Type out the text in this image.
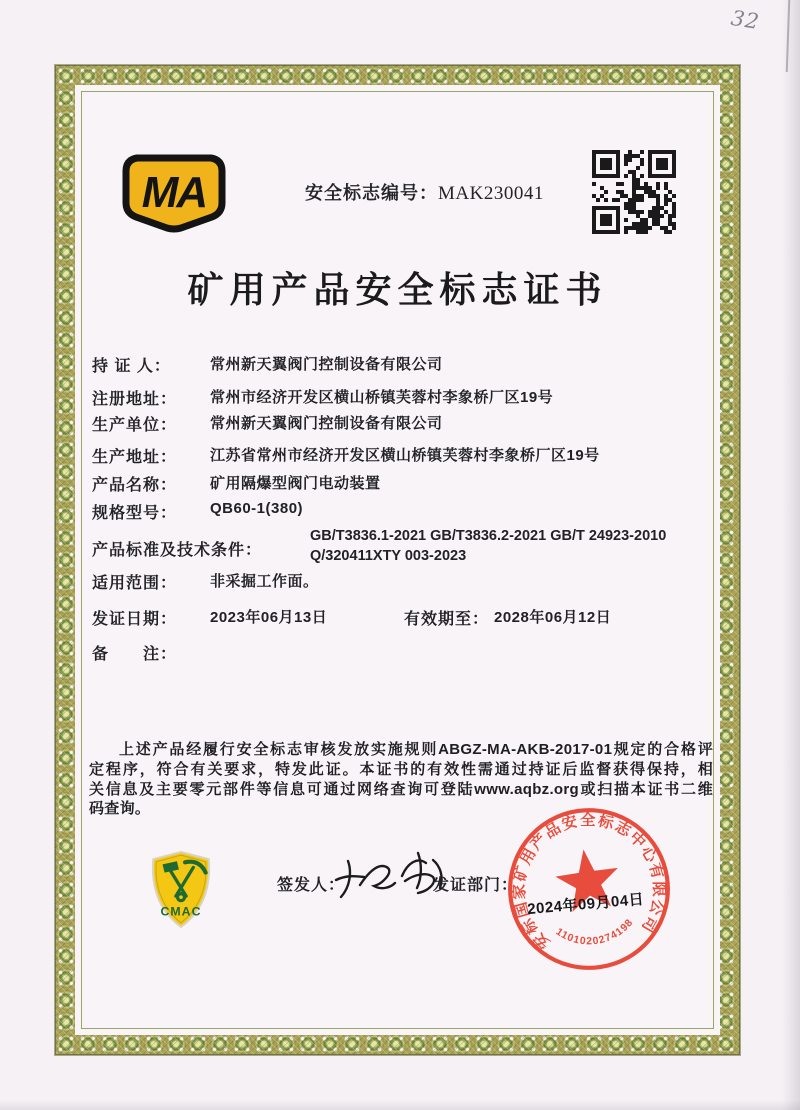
32
MA	安全标志编号：MAK230041
矿用产品安全标志证书
持 证 人：	常州新天翼阀门控制设备有限公司
注册地址： 常州市经济开发区横山桥镇芙蓉村李象桥厂区19号
生产单位： 常州新天翼阀门控制设备有限公司
生产地址： 江苏省常州市经济开发区横山桥镇芙蓉村李象桥厂区19号
产品名称： 矿用隔爆型阀门电动装置
规格型号： QB60-1(380)
产品标准及技术条件：
GB/T3836.1-2021 GB/T3836.2-2021 GB/T 24923-2010
Q/320411XTY 003-2023
适用范围： 非采掘工作面。
发证日期： 2023年06月13日	有效期至： 2028年06月12日
备　　注：
上述产品经履行安全标志审核发放实施规则ABGZ-MA-AKB-2017-01规定的合格评
定程序，符合有关要求，特发此证。本证书的有效性需通过持证后监督获得保持，相
关信息及主要零元部件等信息可通过网络查询可登陆www.aqbz.org或扫描本证书二维
码查询。
CMAC
签发人：	发证部门：
安标国家矿用产品安全标志中心有限公司
1101020274198
2024年09月04日
